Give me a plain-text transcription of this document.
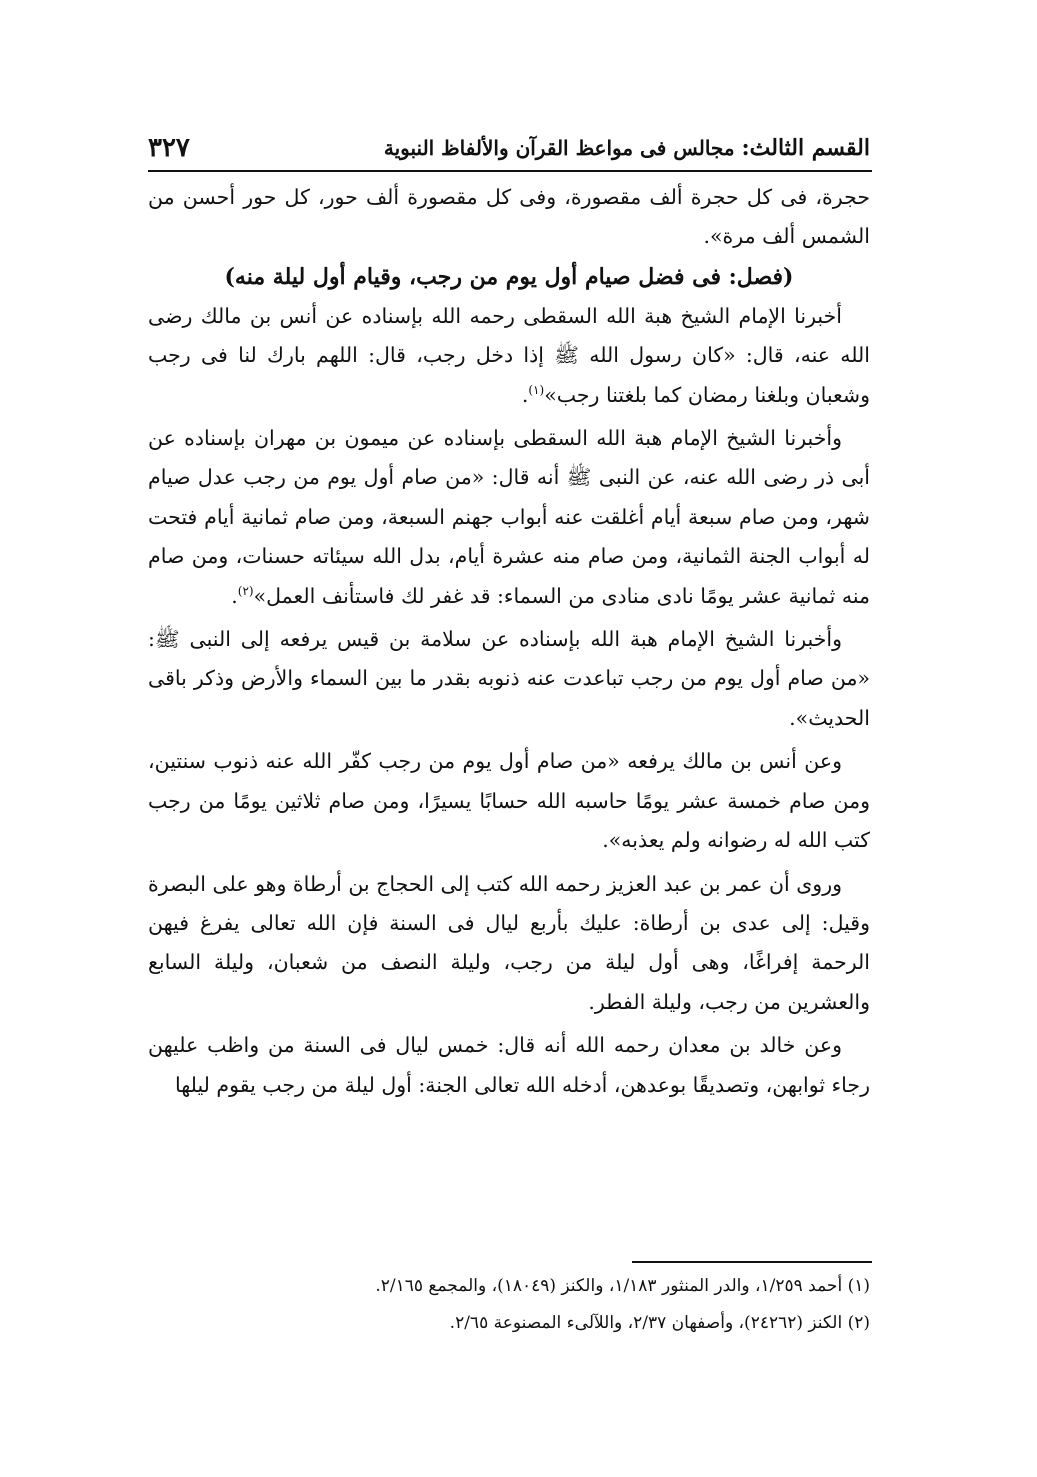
القسم الثالث: مجالس فى مواعظ القرآن والألفاظ النبوية
٣٢٧

حجرة، فى كل حجرة ألف مقصورة، وفى كل مقصورة ألف حور، كل حور أحسن من الشمس ألف مرة».

(فصل: فى فضل صيام أول يوم من رجب، وقيام أول ليلة منه)

أخبرنا الإمام الشيخ هبة الله السقطى رحمه الله بإسناده عن أنس بن مالك رضى الله عنه، قال: «كان رسول الله ﷺ إذا دخل رجب، قال: اللهم بارك لنا فى رجب وشعبان وبلغنا رمضان كما بلغتنا رجب»$^{(١)}$.

وأخبرنا الشيخ الإمام هبة الله السقطى بإسناده عن ميمون بن مهران بإسناده عن أبى ذر رضى الله عنه، عن النبى ﷺ أنه قال: «من صام أول يوم من رجب عدل صيام شهر، ومن صام سبعة أيام أغلقت عنه أبواب جهنم السبعة، ومن صام ثمانية أيام فتحت له أبواب الجنة الثمانية، ومن صام منه عشرة أيام، بدل الله سيئاته حسنات، ومن صام منه ثمانية عشر يومًا نادى منادى من السماء: قد غفر لك فاستأنف العمل»$^{(٢)}$.

وأخبرنا الشيخ الإمام هبة الله بإسناده عن سلامة بن قيس يرفعه إلى النبى ﷺ: «من صام أول يوم من رجب تباعدت عنه ذنوبه بقدر ما بين السماء والأرض وذكر باقى الحديث».

وعن أنس بن مالك يرفعه «من صام أول يوم من رجب كفّر الله عنه ذنوب سنتين، ومن صام خمسة عشر يومًا حاسبه الله حسابًا يسيرًا، ومن صام ثلاثين يومًا من رجب كتب الله له رضوانه ولم يعذبه».

وروى أن عمر بن عبد العزيز رحمه الله كتب إلى الحجاج بن أرطاة وهو على البصرة وقيل: إلى عدى بن أرطاة: عليك بأربع ليال فى السنة فإن الله تعالى يفرغ فيهن الرحمة إفراغًا، وهى أول ليلة من رجب، وليلة النصف من شعبان، وليلة السابع والعشرين من رجب، وليلة الفطر.

وعن خالد بن معدان رحمه الله أنه قال: خمس ليال فى السنة من واظب عليهن رجاء ثوابهن، وتصديقًا بوعدهن، أدخله الله تعالى الجنة: أول ليلة من رجب يقوم ليلها

(١) أحمد ١/٢٥٩، والدر المنثور ١/١٨٣، والكنز (١٨٠٤٩)، والمجمع ٢/١٦٥.
(٢) الكنز (٢٤٢٦٢)، وأصفهان ٢/٣٧، واللآلىء المصنوعة ٢/٦٥.
